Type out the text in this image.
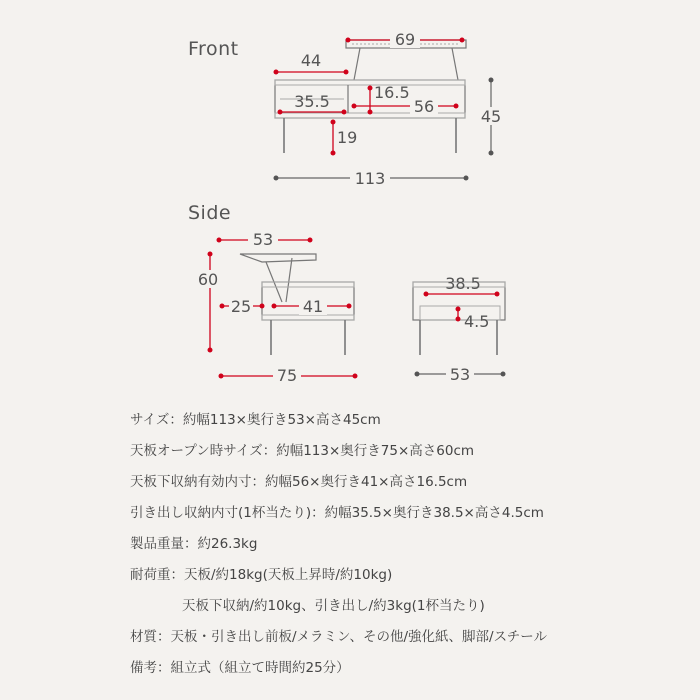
Front	69
44
35.5	16.5
56
45
19
113
Side
53
60
25	41
75
38.5
4.5
53
サイズ：約幅113×奥行き53×高さ45cm
天板オープン時サイズ：約幅113×奥行き75×高さ60cm
天板下収納有効内寸：約幅56×奥行き41×高さ16.5cm
引き出し収納内寸(1杯当たり)：約幅35.5×奥行き38.5×高さ4.5cm
製品重量：約26.3kg
耐荷重：天板/約18kg(天板上昇時/約10kg)
天板下収納/約10kg、引き出し/約3kg(1杯当たり)
材質：天板・引き出し前板/メラミン、その他/強化紙、脚部/スチール
備考：組立式（組立て時間約25分）
